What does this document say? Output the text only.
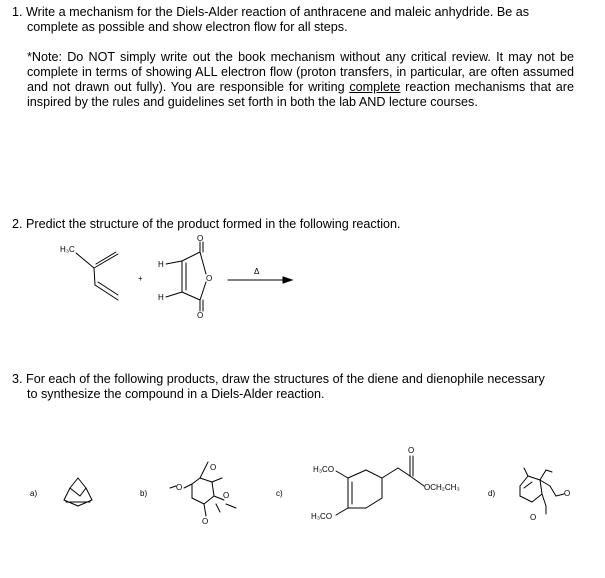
1. Write a mechanism for the Diels-Alder reaction of anthracene and maleic anhydride. Be as
complete as possible and show electron flow for all steps.
*Note: Do NOT simply write out the book mechanism without any critical review. It may not be complete in terms of showing ALL electron flow (proton transfers, in particular, are often assumed and not drawn out fully). You are responsible for writing complete reaction mechanisms that are inspired by the rules and guidelines set forth in both the lab AND lecture courses.
2. Predict the structure of the product formed in the following reaction.
3. For each of the following products, draw the structures of the diene and dienophile necessary
to synthesize the compound in a Diels-Alder reaction.
H₃C
+
H
H
O
O
O
Δ
a)	b)
O
O
O
O
c)
H₃CO
H₃CO
O
OCH₂CH₃
d)	O
O
